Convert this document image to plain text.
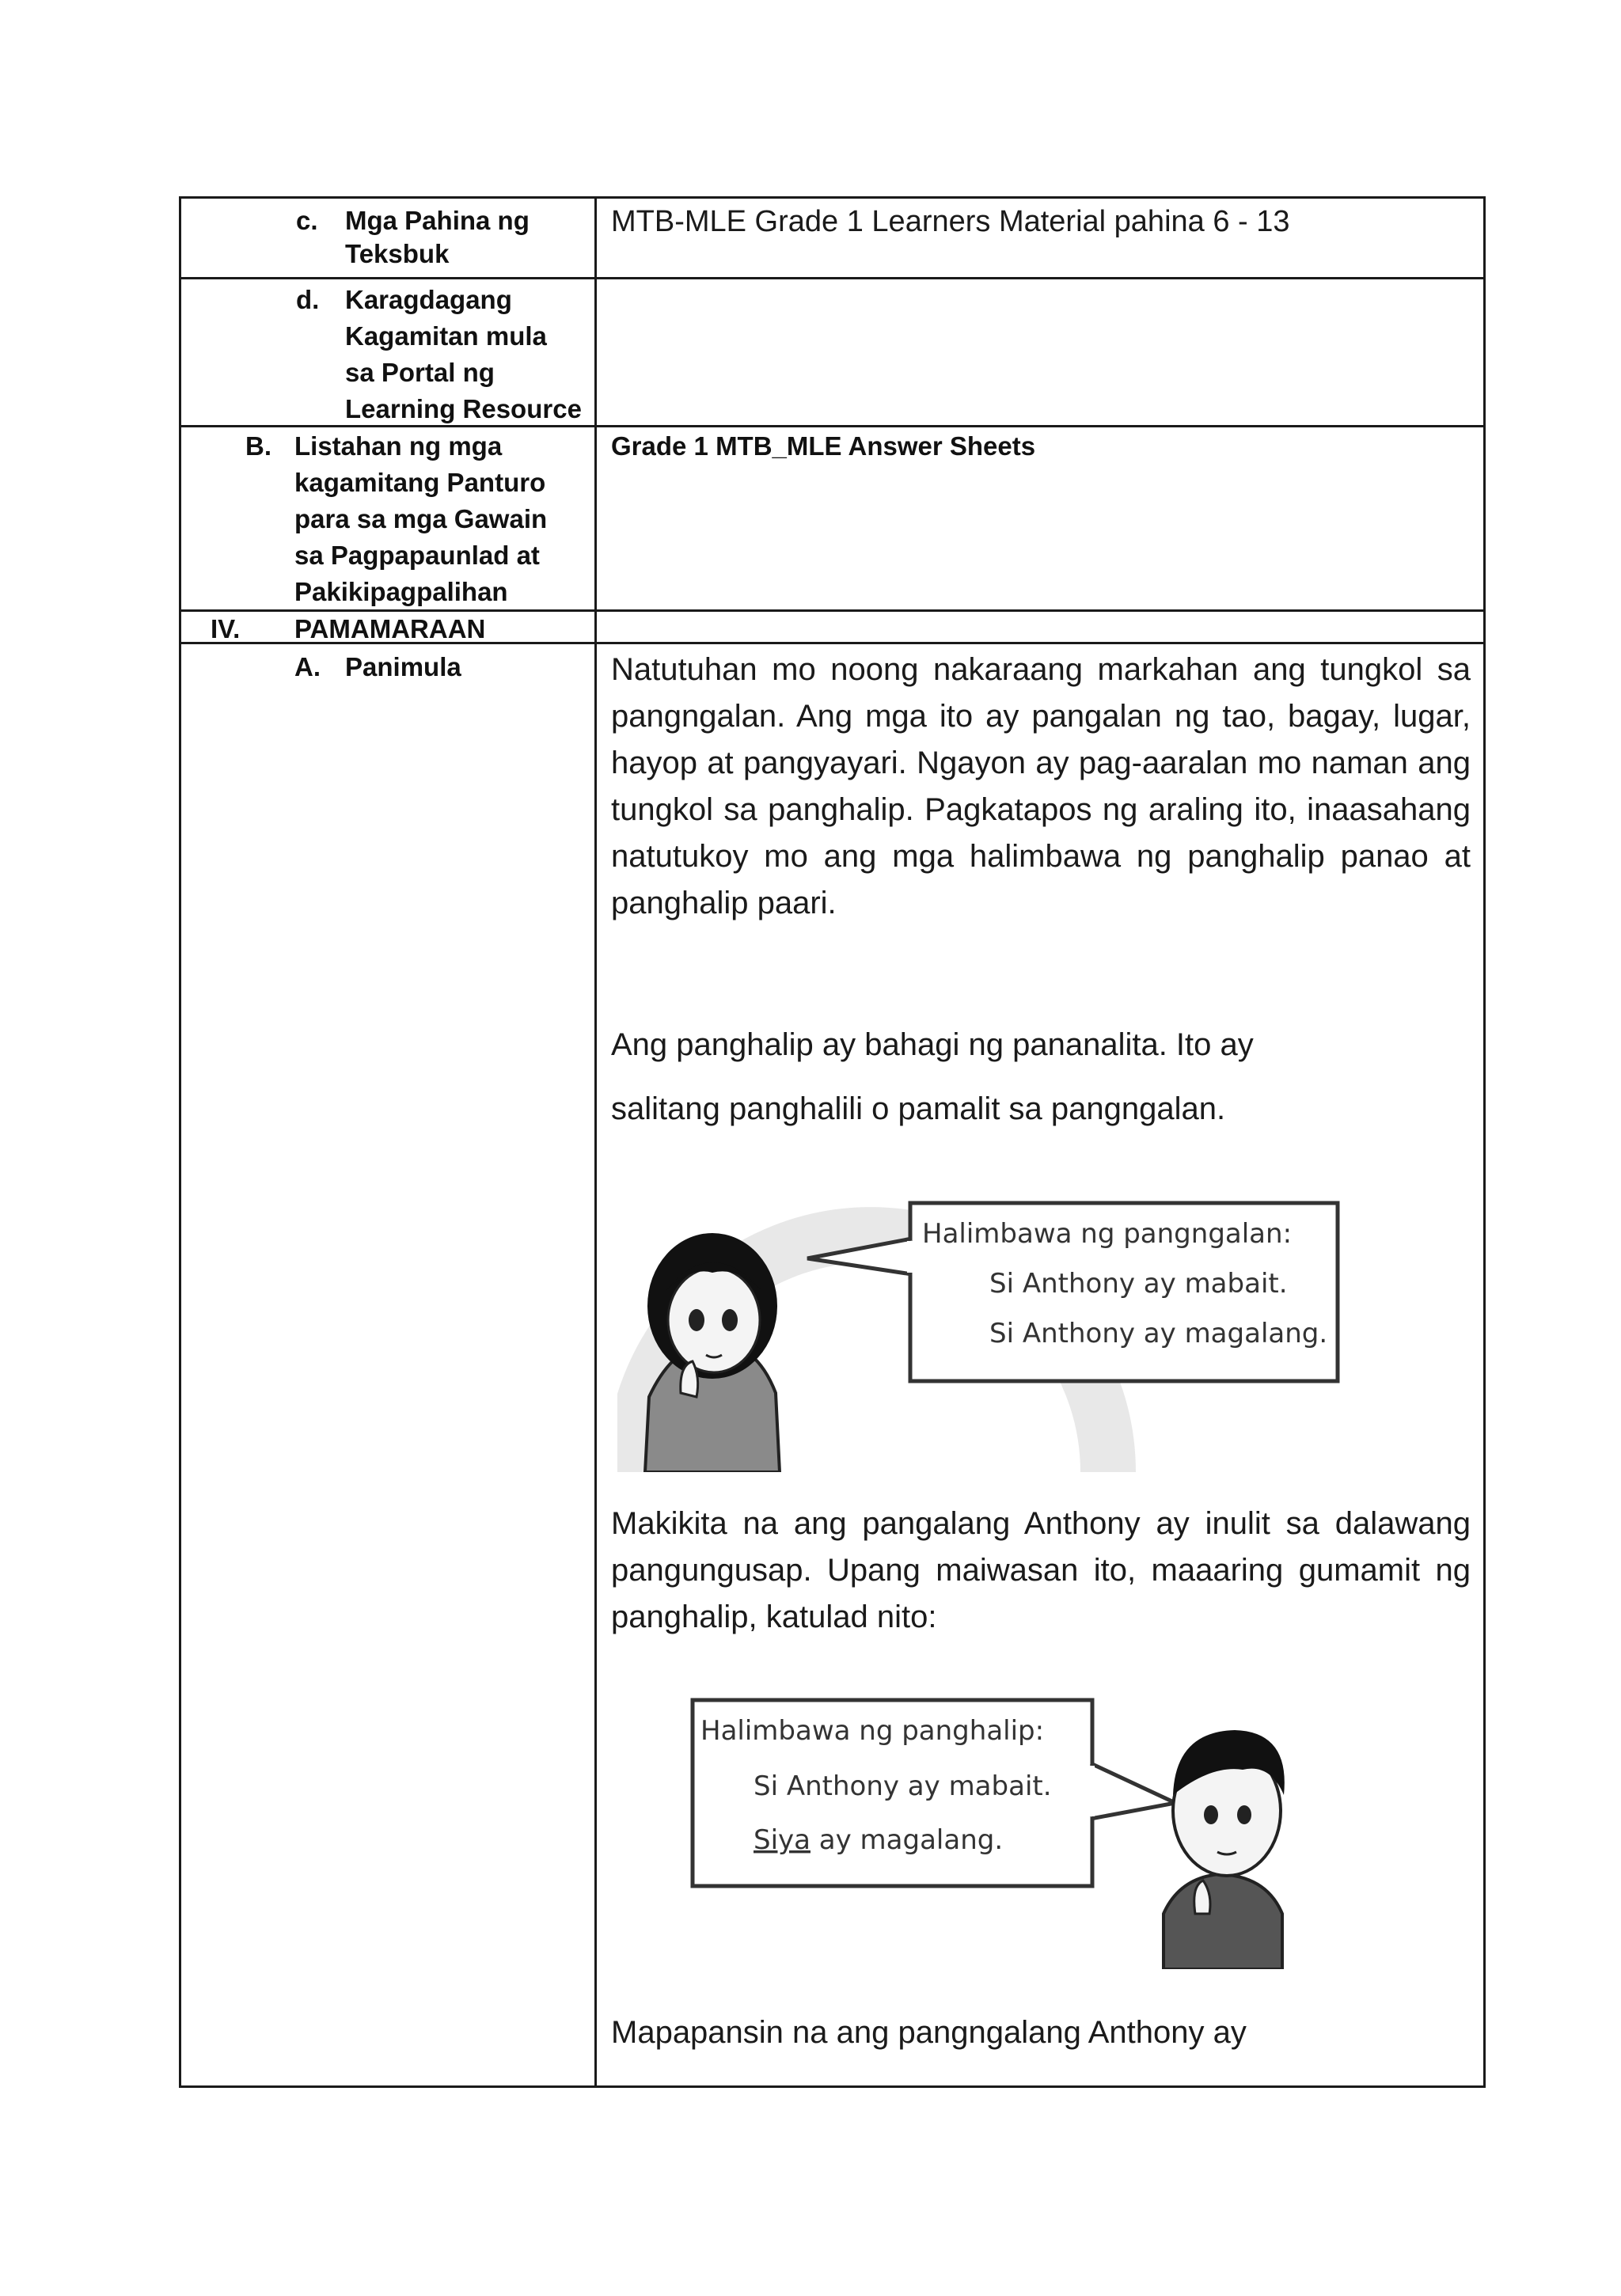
c. Mga Pahina ng
Teksbuk
MTB-MLE Grade 1 Learners Material pahina 6 - 13
d. Karagdagang
Kagamitan mula
sa Portal ng
Learning Resource
B. Listahan ng mga
kagamitang Panturo
para sa mga Gawain
sa Pagpapaunlad at
Pakikipagpalihan
Grade 1 MTB_MLE Answer Sheets
IV. PAMAMARAAN
A. Panimula	Natutuhan mo noong nakaraang markahan ang tungkol sa pangngalan. Ang mga ito ay pangalan ng tao, bagay, lugar, hayop at pangyayari. Ngayon ay pag-aaralan mo naman ang tungkol sa panghalip. Pagkatapos ng araling ito, inaasahang natutukoy mo ang mga halimbawa ng panghalip panao at panghalip paari.
Ang panghalip ay bahagi ng pananalita. Ito ay
salitang panghalili o pamalit sa pangngalan.
Halimbawa ng pangngalan:
Si Anthony ay mabait.
Si Anthony ay magalang.
Makikita na ang pangalang Anthony ay inulit sa dalawang pangungusap. Upang maiwasan ito, maaaring gumamit ng panghalip, katulad nito:
Halimbawa ng panghalip:
Si Anthony ay mabait.
Siya ay magalang.
Mapapansin na ang pangngalang Anthony ay
